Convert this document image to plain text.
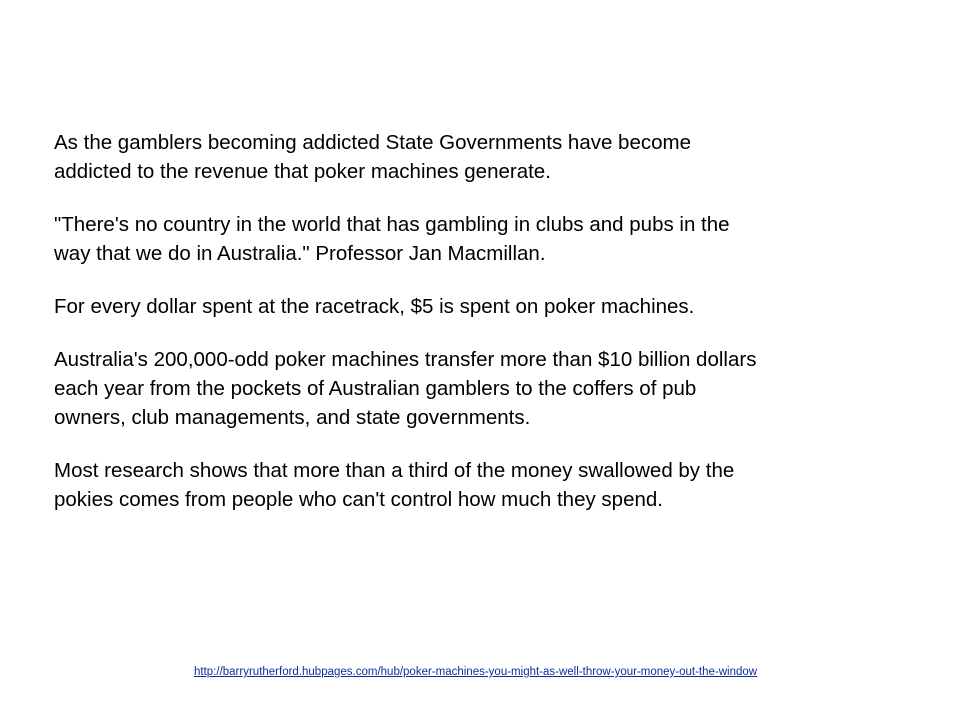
As the gamblers becoming addicted State Governments have become
addicted to the revenue that poker machines generate.

"There's no country in the world that has gambling in clubs and pubs in the
way that we do in Australia." Professor Jan Macmillan.

For every dollar spent at the racetrack, $5 is spent on poker machines.

Australia's 200,000-odd poker machines transfer more than $10 billion dollars
each year from the pockets of Australian gamblers to the coffers of pub
owners, club managements, and state governments.

Most research shows that more than a third of the money swallowed by the
pokies comes from people who can't control how much they spend.

http://barryrutherford.hubpages.com/hub/poker-machines-you-might-as-well-throw-your-money-out-the-window
